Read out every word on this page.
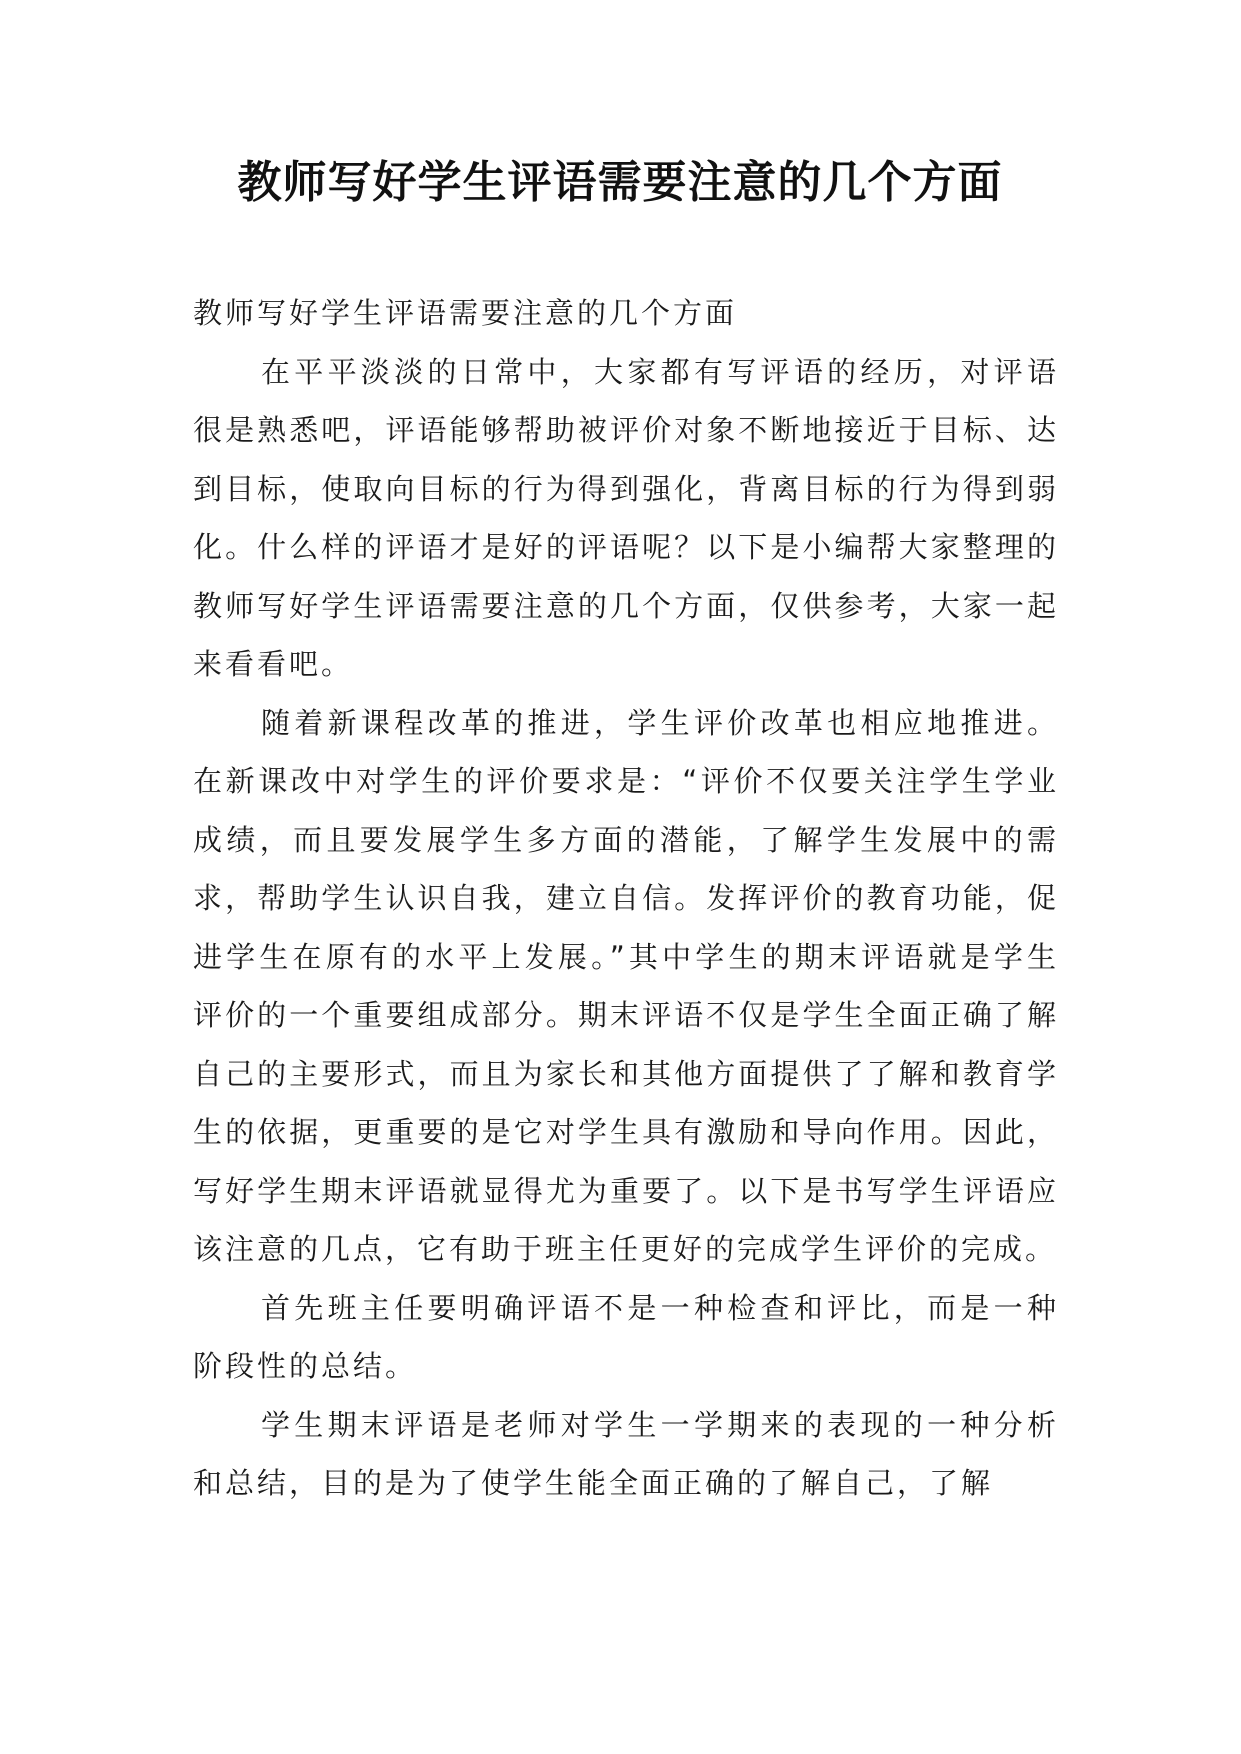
教师写好学生评语需要注意的几个方面

教师写好学生评语需要注意的几个方面

在平平淡淡的日常中，大家都有写评语的经历，对评语很是熟悉吧，评语能够帮助被评价对象不断地接近于目标、达到目标，使取向目标的行为得到强化，背离目标的行为得到弱化。什么样的评语才是好的评语呢？以下是小编帮大家整理的教师写好学生评语需要注意的几个方面，仅供参考，大家一起来看看吧。

随着新课程改革的推进，学生评价改革也相应地推进。在新课改中对学生的评价要求是：“评价不仅要关注学生学业成绩，而且要发展学生多方面的潜能，了解学生发展中的需求，帮助学生认识自我，建立自信。发挥评价的教育功能，促进学生在原有的水平上发展。”其中学生的期末评语就是学生评价的一个重要组成部分。期末评语不仅是学生全面正确了解自己的主要形式，而且为家长和其他方面提供了了解和教育学生的依据，更重要的是它对学生具有激励和导向作用。因此，写好学生期末评语就显得尤为重要了。以下是书写学生评语应该注意的几点，它有助于班主任更好的完成学生评价的完成。

首先班主任要明确评语不是一种检查和评比，而是一种阶段性的总结。

学生期末评语是老师对学生一学期来的表现的一种分析和总结，目的是为了使学生能全面正确的了解自己，了解
